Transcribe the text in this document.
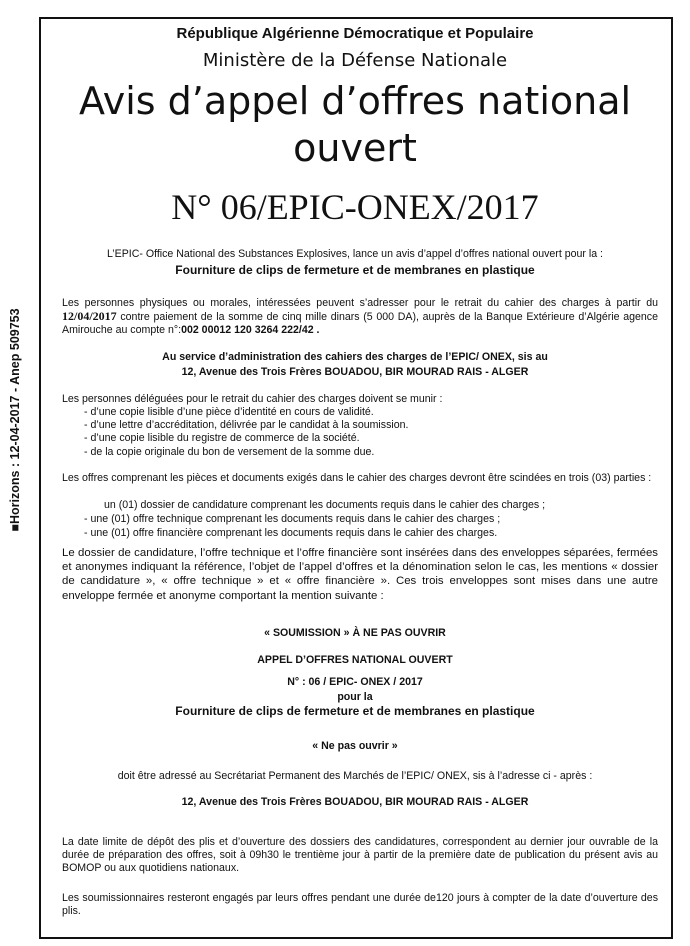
■Horizons : 12-04-2017 - Anep 509753
République Algérienne Démocratique et Populaire
Ministère de la Défense Nationale
Avis d’appel d’offres national ouvert
N° 06/EPIC-ONEX/2017

L’EPIC- Office National des Substances Explosives, lance un avis d’appel d’offres national ouvert pour la :

Fourniture de clips de fermeture et de membranes en plastique

Les personnes physiques ou morales, intéressées peuvent s’adresser pour le retrait du cahier des charges à partir du 12/04/2017 contre paiement de la somme de cinq mille dinars (5 000 DA), auprès de la Banque Extérieure d’Algérie agence Amirouche au compte n°:002 00012 120 3264 222/42 .

Au service d’administration des cahiers des charges de l’EPIC/ ONEX, sis au

12, Avenue des Trois Frères BOUADOU, BIR MOURAD RAIS - ALGER

Les personnes déléguées pour le retrait du cahier des charges doivent se munir :

- d’une copie lisible d’une pièce d’identité en cours de validité.
- d’une lettre d’accréditation, délivrée par le candidat à la soumission.
- d’une copie lisible du registre de commerce de la société.
- de la copie originale du bon de versement de la somme due.

Les offres comprenant les pièces et documents exigés dans le cahier des charges devront être scindées en trois (03) parties :

un (01) dossier de candidature comprenant les documents requis dans le cahier des charges ;

- une (01) offre technique comprenant les documents requis dans le cahier des charges ;

- une (01) offre financière comprenant les documents requis dans le cahier des charges.

Le dossier de candidature, l’offre technique et l’offre financière sont insérées dans des enveloppes séparées, fermées et anonymes indiquant la référence, l’objet de l’appel d’offres et la dénomination selon le cas, les mentions « dossier de candidature », « offre technique » et « offre financière ». Ces trois enveloppes sont mises dans une autre enveloppe fermée et anonyme comportant la mention suivante :

« SOUMISSION » À NE PAS OUVRIR

APPEL D’OFFRES NATIONAL OUVERT

N° : 06 / EPIC- ONEX / 2017

pour la

Fourniture de clips de fermeture et de membranes en plastique

« Ne pas ouvrir »

doit être adressé au Secrétariat Permanent des Marchés de l’EPIC/ ONEX, sis à l’adresse ci - après :

12, Avenue des Trois Frères BOUADOU, BIR MOURAD RAIS - ALGER

La date limite de dépôt des plis et d’ouverture des dossiers des candidatures, correspondent au dernier jour ouvrable de la durée de préparation des offres, soit à 09h30 le trentième jour à partir de la première date de publication du présent avis au BOMOP ou aux quotidiens nationaux.

Les soumissionnaires resteront engagés par leurs offres pendant une durée de120 jours à compter de la date d’ouverture des plis.
